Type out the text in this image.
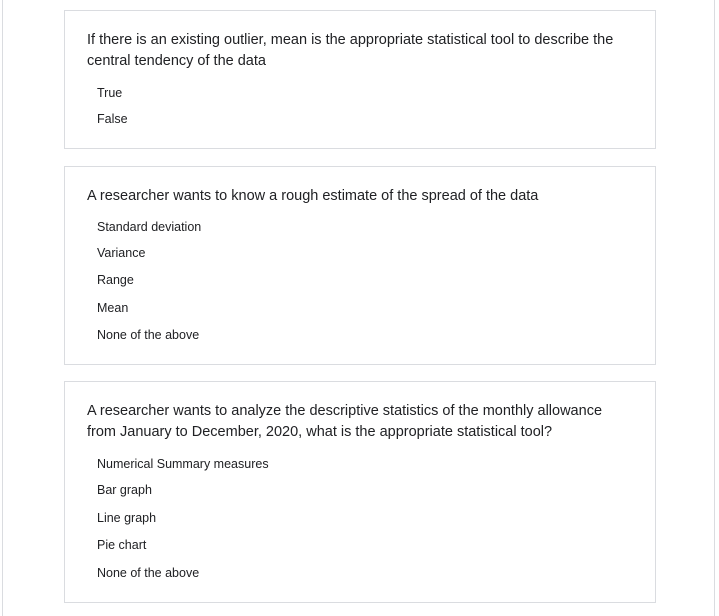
If there is an existing outlier, mean is the appropriate statistical tool to describe the central tendency of the data

True
False

A researcher wants to know a rough estimate of the spread of the data

Standard deviation
Variance
Range
Mean
None of the above

A researcher wants to analyze the descriptive statistics of the monthly allowance from January to December, 2020, what is the appropriate statistical tool?

Numerical Summary measures
Bar graph
Line graph
Pie chart
None of the above
